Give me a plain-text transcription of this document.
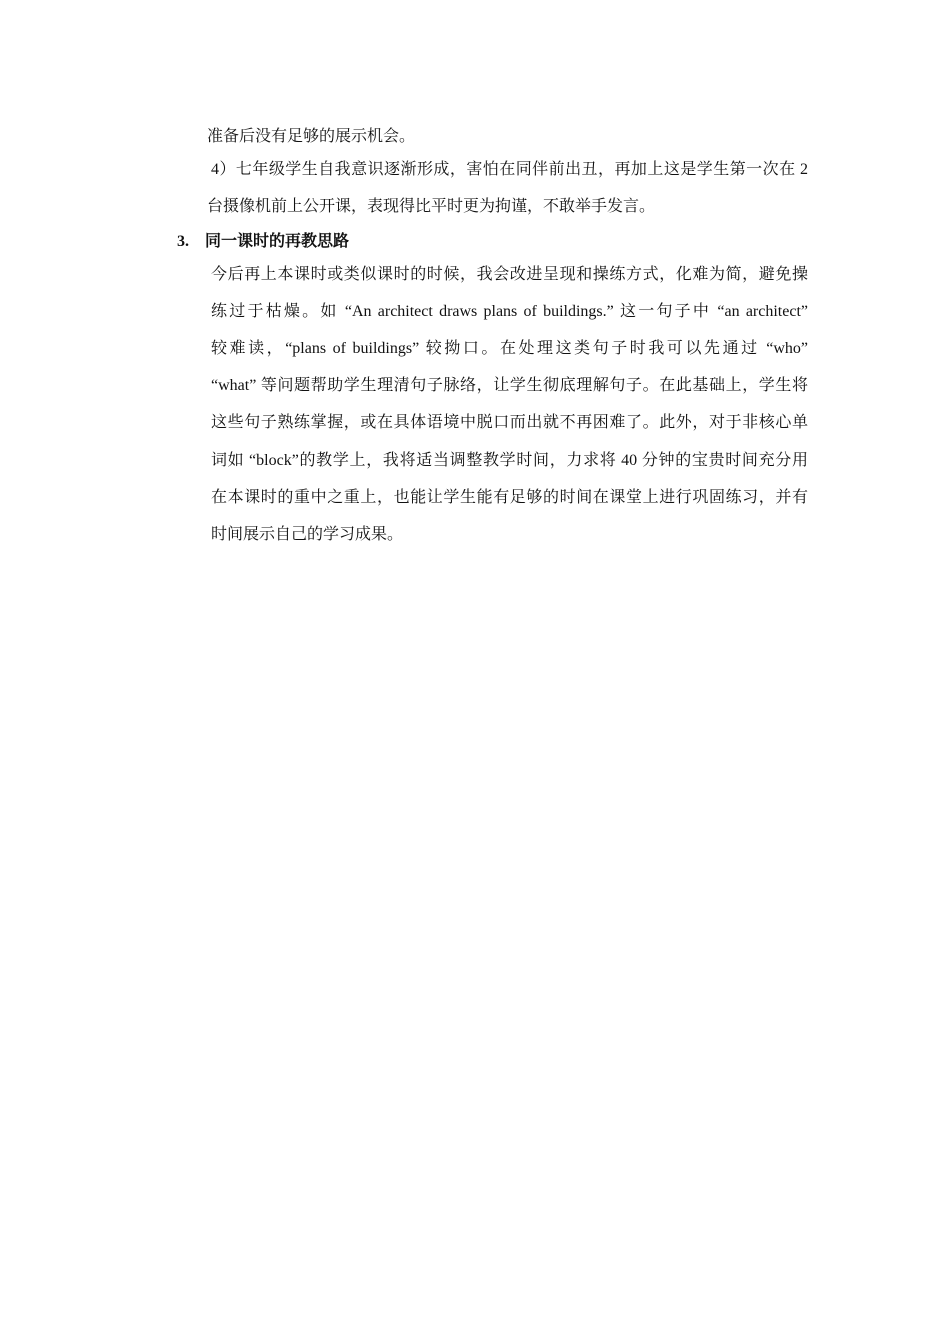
准备后没有足够的展示机会。
4）七年级学生自我意识逐渐形成，害怕在同伴前出丑，再加上这是学生第一次在 2
台摄像机前上公开课，表现得比平时更为拘谨，不敢举手发言。
3. 同一课时的再教思路
今后再上本课时或类似课时的时候，我会改进呈现和操练方式，化难为简，避免操
练过于枯燥。如 “An architect draws plans of buildings.” 这一句子中 “an architect”
较难读，“plans of buildings” 较拗口。在处理这类句子时我可以先通过 “who”
“what” 等问题帮助学生理清句子脉络，让学生彻底理解句子。在此基础上，学生将
这些句子熟练掌握，或在具体语境中脱口而出就不再困难了。此外，对于非核心单
词如 “block”的教学上，我将适当调整教学时间，力求将 40 分钟的宝贵时间充分用
在本课时的重中之重上，也能让学生能有足够的时间在课堂上进行巩固练习，并有
时间展示自己的学习成果。
